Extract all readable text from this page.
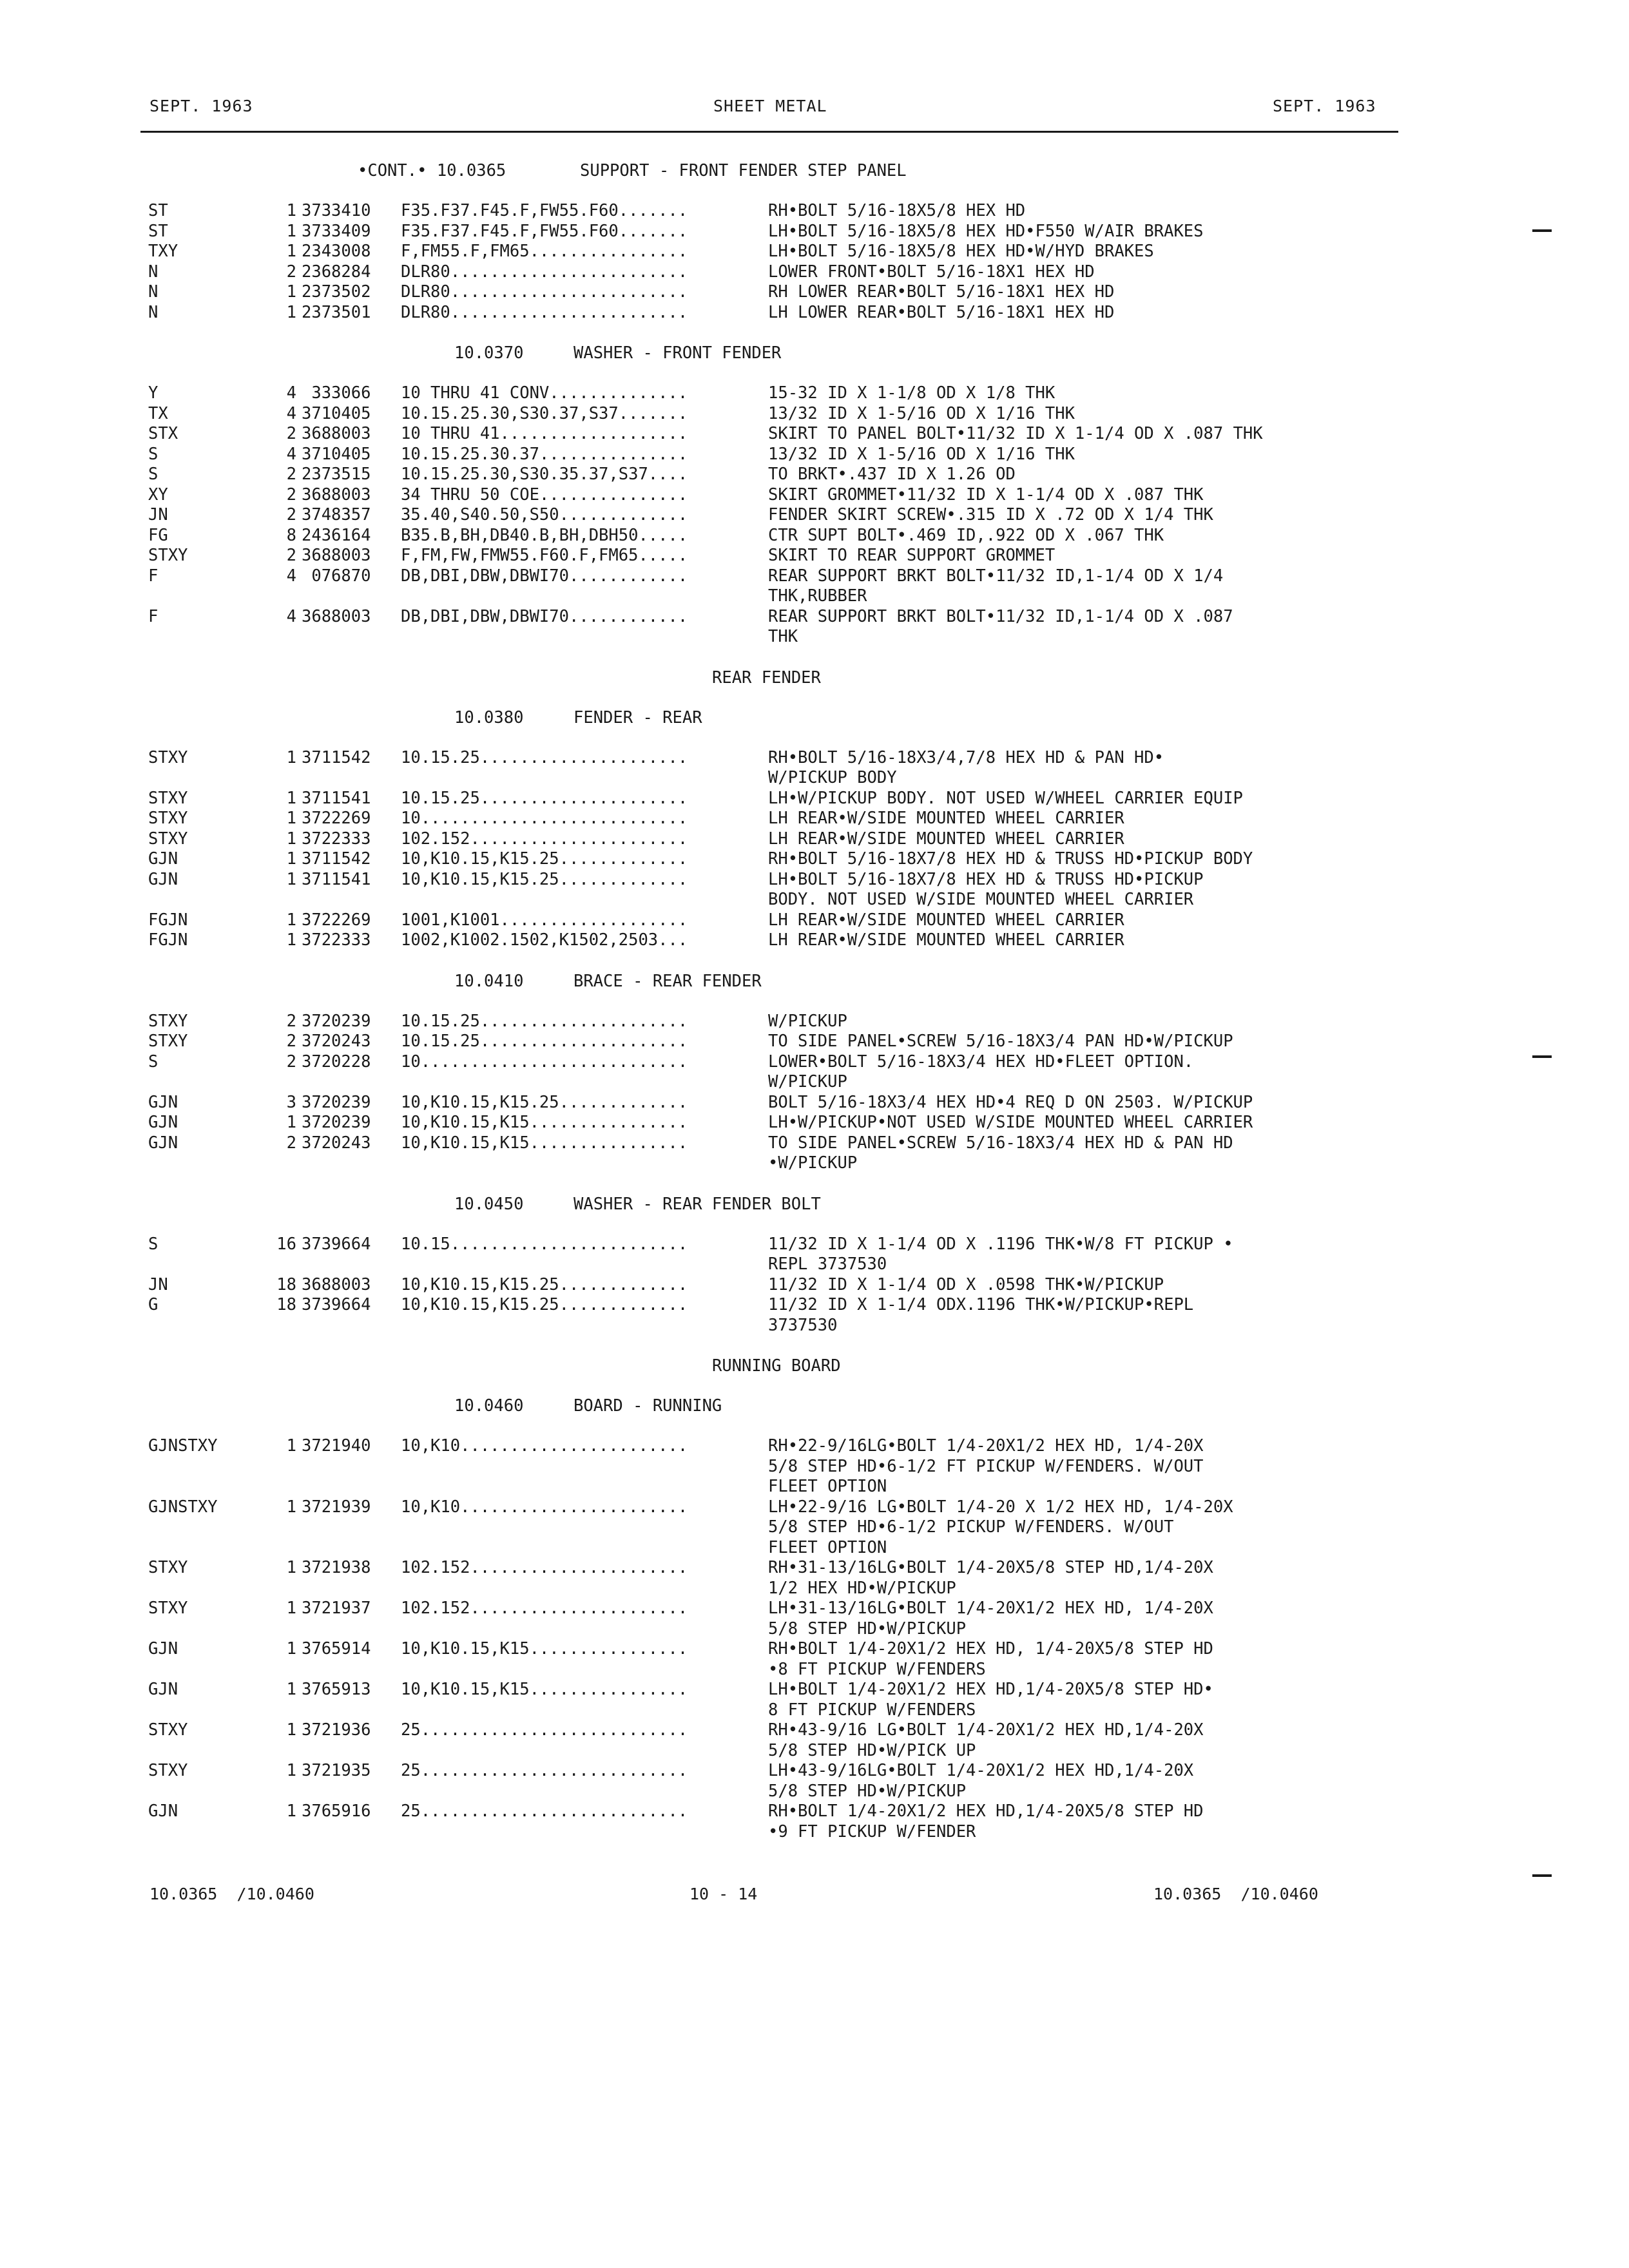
SEPT. 1963	SHEET METAL	SEPT. 1963
•CONT.• 10.0365	SUPPORT - FRONT FENDER STEP PANEL
ST	1 3733410 F35.F37.F45.F,FW55.F60.......	RH•BOLT 5/16-18X5/8 HEX HD
ST	1 3733409 F35.F37.F45.F,FW55.F60.......	LH•BOLT 5/16-18X5/8 HEX HD•F550 W/AIR BRAKES
TXY	1 2343008 F,FM55.F,FM65................	LH•BOLT 5/16-18X5/8 HEX HD•W/HYD BRAKES
N	2 2368284 DLR80........................	LOWER FRONT•BOLT 5/16-18X1 HEX HD
N	1 2373502 DLR80........................	RH LOWER REAR•BOLT 5/16-18X1 HEX HD
N	1 2373501 DLR80........................	LH LOWER REAR•BOLT 5/16-18X1 HEX HD
10.0370	WASHER - FRONT FENDER
Y	4 333066 10 THRU 41 CONV..............	15-32 ID X 1-1/8 OD X 1/8 THK
TX	4 3710405 10.15.25.30,S30.37,S37.......	13/32 ID X 1-5/16 OD X 1/16 THK
STX	2 3688003 10 THRU 41...................	SKIRT TO PANEL BOLT•11/32 ID X 1-1/4 OD X .087 THK
S	4 3710405 10.15.25.30.37...............	13/32 ID X 1-5/16 OD X 1/16 THK
S	2 2373515 10.15.25.30,S30.35.37,S37....	TO BRKT•.437 ID X 1.26 OD
XY	2 3688003 34 THRU 50 COE...............	SKIRT GROMMET•11/32 ID X 1-1/4 OD X .087 THK
JN	2 3748357 35.40,S40.50,S50.............	FENDER SKIRT SCREW•.315 ID X .72 OD X 1/4 THK
FG	8 2436164 B35.B,BH,DB40.B,BH,DBH50.....	CTR SUPT BOLT•.469 ID,.922 OD X .067 THK
STXY	2 3688003 F,FM,FW,FMW55.F60.F,FM65.....	SKIRT TO REAR SUPPORT GROMMET
F	4 076870 DB,DBI,DBW,DBWI70............	REAR SUPPORT BRKT BOLT•11/32 ID,1-1/4 OD X 1/4
THK,RUBBER
F	4 3688003 DB,DBI,DBW,DBWI70............	REAR SUPPORT BRKT BOLT•11/32 ID,1-1/4 OD X .087
THK
REAR FENDER
10.0380	FENDER - REAR
STXY	1 3711542 10.15.25.....................	RH•BOLT 5/16-18X3/4,7/8 HEX HD & PAN HD•
W/PICKUP BODY
STXY	1 3711541 10.15.25.....................	LH•W/PICKUP BODY. NOT USED W/WHEEL CARRIER EQUIP
STXY	1 3722269 10...........................	LH REAR•W/SIDE MOUNTED WHEEL CARRIER
STXY	1 3722333 102.152......................	LH REAR•W/SIDE MOUNTED WHEEL CARRIER
GJN	1 3711542 10,K10.15,K15.25.............	RH•BOLT 5/16-18X7/8 HEX HD & TRUSS HD•PICKUP BODY
GJN	1 3711541 10,K10.15,K15.25.............	LH•BOLT 5/16-18X7/8 HEX HD & TRUSS HD•PICKUP
BODY. NOT USED W/SIDE MOUNTED WHEEL CARRIER
FGJN	1 3722269 1001,K1001...................	LH REAR•W/SIDE MOUNTED WHEEL CARRIER
FGJN	1 3722333 1002,K1002.1502,K1502,2503...	LH REAR•W/SIDE MOUNTED WHEEL CARRIER
10.0410	BRACE - REAR FENDER
STXY	2 3720239 10.15.25.....................	W/PICKUP
STXY	2 3720243 10.15.25.....................	TO SIDE PANEL•SCREW 5/16-18X3/4 PAN HD•W/PICKUP
S	2 3720228 10...........................	LOWER•BOLT 5/16-18X3/4 HEX HD•FLEET OPTION.
W/PICKUP
GJN	3 3720239 10,K10.15,K15.25.............	BOLT 5/16-18X3/4 HEX HD•4 REQ D ON 2503. W/PICKUP
GJN	1 3720239 10,K10.15,K15................	LH•W/PICKUP•NOT USED W/SIDE MOUNTED WHEEL CARRIER
GJN	2 3720243 10,K10.15,K15................	TO SIDE PANEL•SCREW 5/16-18X3/4 HEX HD & PAN HD
•W/PICKUP
10.0450	WASHER - REAR FENDER BOLT
S	16 3739664 10.15........................	11/32 ID X 1-1/4 OD X .1196 THK•W/8 FT PICKUP •
REPL 3737530
JN	18 3688003 10,K10.15,K15.25.............	11/32 ID X 1-1/4 OD X .0598 THK•W/PICKUP
G	18 3739664 10,K10.15,K15.25.............	11/32 ID X 1-1/4 ODX.1196 THK•W/PICKUP•REPL
3737530
RUNNING BOARD
10.0460	BOARD - RUNNING
GJNSTXY	1 3721940 10,K10.......................	RH•22-9/16LG•BOLT 1/4-20X1/2 HEX HD, 1/4-20X
5/8 STEP HD•6-1/2 FT PICKUP W/FENDERS. W/OUT
FLEET OPTION
GJNSTXY	1 3721939 10,K10.......................	LH•22-9/16 LG•BOLT 1/4-20 X 1/2 HEX HD, 1/4-20X
5/8 STEP HD•6-1/2 PICKUP W/FENDERS. W/OUT
FLEET OPTION
STXY	1 3721938 102.152......................	RH•31-13/16LG•BOLT 1/4-20X5/8 STEP HD,1/4-20X
1/2 HEX HD•W/PICKUP
STXY	1 3721937 102.152......................	LH•31-13/16LG•BOLT 1/4-20X1/2 HEX HD, 1/4-20X
5/8 STEP HD•W/PICKUP
GJN	1 3765914 10,K10.15,K15................	RH•BOLT 1/4-20X1/2 HEX HD, 1/4-20X5/8 STEP HD
•8 FT PICKUP W/FENDERS
GJN	1 3765913 10,K10.15,K15................	LH•BOLT 1/4-20X1/2 HEX HD,1/4-20X5/8 STEP HD•
8 FT PICKUP W/FENDERS
STXY	1 3721936 25...........................	RH•43-9/16 LG•BOLT 1/4-20X1/2 HEX HD,1/4-20X
5/8 STEP HD•W/PICK UP
STXY	1 3721935 25...........................	LH•43-9/16LG•BOLT 1/4-20X1/2 HEX HD,1/4-20X
5/8 STEP HD•W/PICKUP
GJN	1 3765916 25...........................	RH•BOLT 1/4-20X1/2 HEX HD,1/4-20X5/8 STEP HD
•9 FT PICKUP W/FENDER
10.0365  /10.0460	10 - 14	10.0365  /10.0460
